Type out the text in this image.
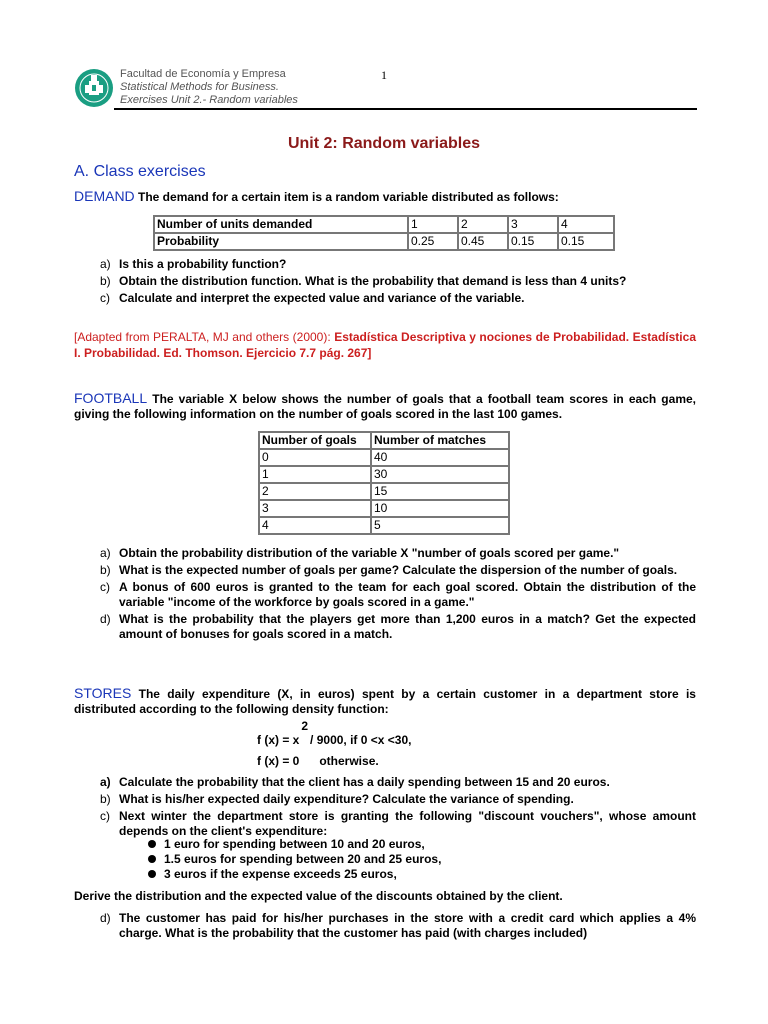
Facultad de Economía y Empresa
Statistical Methods for Business.
Exercises Unit 2.- Random variables
1
Unit 2: Random variables
A. Class exercises
DEMAND The demand for a certain item is a random variable distributed as follows:
Number of units demanded	1	2	3	4
Probability	0.25	0.45	0.15	0.15
a) Is this a probability function?
b) Obtain the distribution function. What is the probability that demand is less than 4 units?
c) Calculate and interpret the expected value and variance of the variable.
[Adapted from PERALTA, MJ and others (2000): Estadística Descriptiva y nociones de Probabilidad. Estadística I. Probabilidad. Ed. Thomson. Ejercicio 7.7 pág. 267]
FOOTBALL The variable X below shows the number of goals that a football team scores in each game, giving the following information on the number of goals scored in the last 100 games.
Number of goals	Number of matches
0	40
1	30
2	15
3	10
4	5
a) Obtain the probability distribution of the variable X "number of goals scored per game."
b) What is the expected number of goals per game? Calculate the dispersion of the number of goals.
c) A bonus of 600 euros is granted to the team for each goal scored. Obtain the distribution of the variable "income of the workforce by goals scored in a game."
d) What is the probability that the players get more than 1,200 euros in a match? Get the expected amount of bonuses for goals scored in a match.
STORES The daily expenditure (X, in euros) spent by a certain customer in a department store is distributed according to the following density function:
f (x) = x2/ 9000, if 0 <x <30,
f (x) = 0      otherwise.
a) Calculate the probability that the client has a daily spending between 15 and 20 euros.
b) What is his/her expected daily expenditure? Calculate the variance of spending.
c) Next winter the department store is granting the following "discount vouchers", whose amount depends on the client's expenditure:
1 euro for spending between 10 and 20 euros,
1.5 euros for spending between 20 and 25 euros,
3 euros if the expense exceeds 25 euros,
Derive the distribution and the expected value of the discounts obtained by the client.
d) The customer has paid for his/her purchases in the store with a credit card which applies a 4% charge. What is the probability that the customer has paid (with charges included)
